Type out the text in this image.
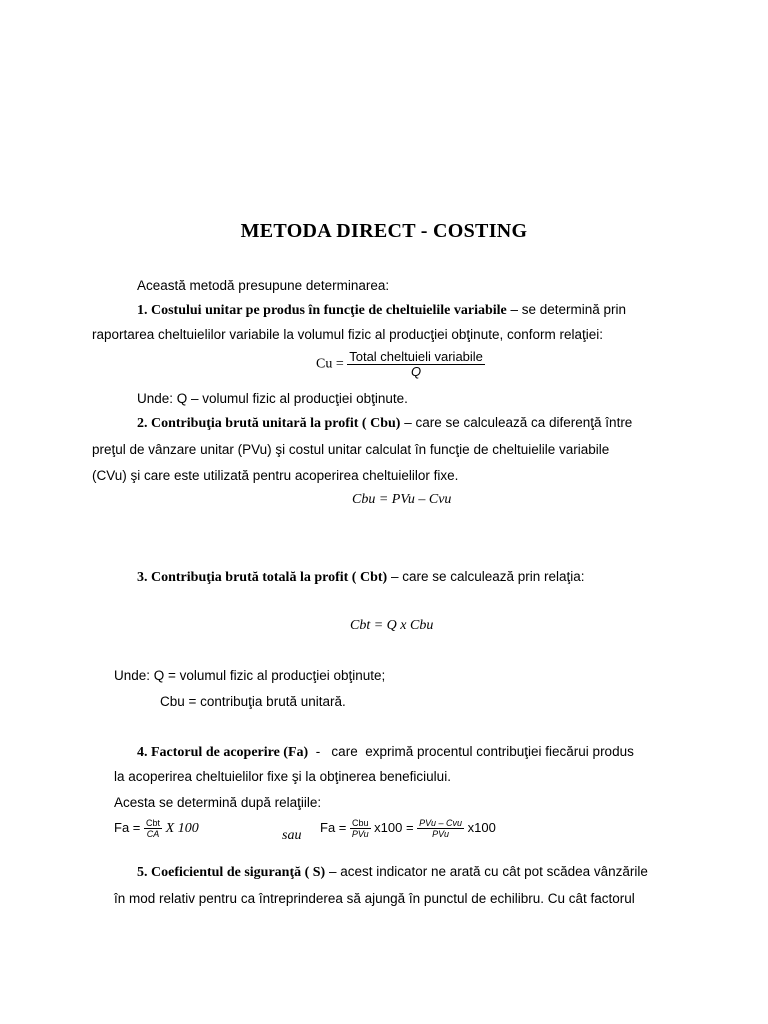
METODA DIRECT - COSTING
Această metodă presupune determinarea:
1. Costului unitar pe produs în funcţie de cheltuielile variabile – se determină prin
raportarea cheltuielilor variabile la volumul fizic al producţiei obţinute, conform relaţiei:
$Cu = \frac{\text{Total cheltuieli variabile}}{Q}$
Unde: Q – volumul fizic al producţiei obţinute.
2. Contribuţia brută unitară la profit ( Cbu) – care se calculează ca diferenţă între
preţul de vânzare unitar (PVu) şi costul unitar calculat în funcţie de cheltuielile variabile
(CVu) şi care este utilizată pentru acoperirea cheltuielilor fixe.
Cbu = PVu – Cvu
3. Contribuţia brută totală la profit ( Cbt) – care se calculează prin relaţia:
Cbt = Q x Cbu
Unde: Q = volumul fizic al producţiei obţinute;
Cbu = contribuţia brută unitară.
4. Factorul de acoperire (Fa)  -   care  exprimă procentul contribuţiei fiecărui produs
la acoperirea cheltuielilor fixe şi la obţinerea beneficiului.
Acesta se determină după relaţiile:
$Fa = \frac{\text{Cbt}}{CA}$ X 100	sau
$Fa = \frac{\text{Cbu}}{\text{PVu}} x100 = \frac{\text{PVu – Cvu}}{\text{PVu}} x100$
5. Coeficientul de siguranţă ( S) – acest indicator ne arată cu cât pot scădea vânzările
în mod relativ pentru ca întreprinderea să ajungă în punctul de echilibru. Cu cât factorul
